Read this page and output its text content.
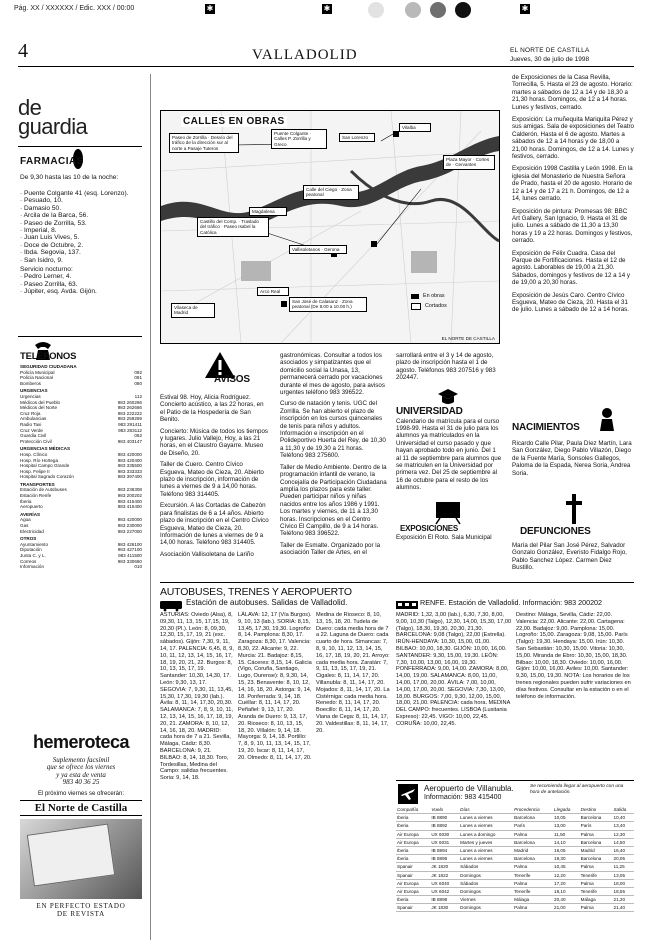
Pág. XX / XXXXXX / Edic. XXX / 00:00	✱	✱	✱
4	VALLADOLID	EL NORTE DE CASTILLA
Jueves, 30 de julio de 1998
de
guardia
FARMACIAS
De 9,30 hasta las 10 de la noche:
· Puente Colgante 41 (esq. Lorenzo).
· Pesuado, 10.
· Damasio 50.
· Arcila de la Barca, 56.
· Paseo de Zorrilla, 53.
· Imperial, 8.
· Juan Luis Vives, 5.
· Doce de Octubre, 2.
· Ibda. Segovia, 137.
· San Isidro, 9.
Servicio nocturno:
· Pedro Lerner, 4.
· Paseo Zorrilla, 63.
· Júpiter, esq. Avda. Gijón.
TELÉFONOS
SEGURIDAD CIUDADANA
Policía Municipal	092
Policía Nacional	091
Bomberos	080
URGENCIAS
Urgencias	112
Médicos del Pueblo	983 260266
Médicos del Norte	983 262666
Cruz Roja	983 222222
Ambulancias	983 259259
Radio Taxi	983 291411
Cruz Verde	983 283112
Guardia Civil	062
Protección Civil	983 403147
URGENCIAS MÉDICAS
Hosp. Clínico	983 420000
Hosp. Río Hortega	983 420400
Hospital Campo Grande	983 335500
Hosp. Felipe II	983 333333
Hospital Sagrado Corazón	983 397400
TRANSPORTES
Estación de Autobuses	983 236308
Estación Renfe	983 200202
Iberia	983 415400
Aeropuerto	983 415400
AVERÍAS
Agua	983 420000
Gas	983 230000
Electricidad	983 227000
OTROS
Ayuntamiento	983 426100
Diputación	983 427100
Junta C. y L.	983 411500
Correos	983 330660
Información	010
hemeroteca
Suplemento facsímil
que se ofrece los viernes
y ya esta de venta
983 40 36 25
El próximo viernes se ofrecerán:
El Norte de Castilla
EN PERFECTO ESTADO
DE REVISTA
CALLES EN OBRAS
Paseo de Zorrilla · Desvío del tráfico de la dirección sur al norte a Pasaje Tuteros
Puente Colgante · Calles P. Zorrilla y Greco
San Lorenzo
Plaza Mayor · Cortes de · Cervantes
Castillo del Comp. · Traslado del tráfico · Paseo Isabel la Católica
Magdalena
Calle del Ciego · Zona peatonal
Vallisoletanos · Gerona
Arco Real
San José de Calasanz · Zona peatonal (De 8.00 a 10.00 h.)
Vilalba
Vilaseca de Madrid
En obras
Cortados
EL NORTE DE CASTILLA
de Exposiciones de la Casa Revilla, Torrecilla, 5. Hasta el 23 de agosto. Horario: martes a sábados de 12 a 14 y de 18,30 a 21,30 horas. Domingos, de 12 a 14 horas. Lunes y festivos, cerrado.
Exposición: La muñequita Mariquita Pérez y sus amigas. Sala de exposiciones del Teatro Calderón. Hasta el 6 de agosto. Martes a sábados de 12 a 14 horas y de 18,00 a 21,00 horas. Domingos, de 12 a 14. Lunes y festivos, cerrado.
Exposición 1998 Castilla y León 1998. En la iglesia del Monasterio de Nuestra Señora de Prado, hasta el 20 de agosto. Horario de 12 a 14 y de 17 a 21 h. Domingos, de 12 a 14, lunes cerrado.
Exposición de pintura: Promesas 98: BBC Art Gallery, San Ignacio, 9. Hasta el 31 de julio. Lunes a sábado de 11,30 a 13,30 horas y 19 a 22 horas. Domingos y festivos, cerrado.
Exposición de Félix Cuadra. Casa del Parque de Fortificaciones. Hasta el 12 de agosto. Laborables de 19,00 a 21,30. Sábados, domingos y festivos de 12 a 14 y de 19,00 a 20,30 horas.
Exposición de Jesús Caro. Centro Cívico Esgueva, Mateo de Cieza, 20. Hasta el 31 de julio. Lunes a sábado de 12 a 14 horas.
AVISOS
Estival 98. Hoy, Alicia Rodríguez. Concierto acústico, a las 22 horas, en el Patio de la Hospedería de San Benito.
Concierto: Música de todos los tiempos y lugares. Julio Vallejo, Hoy, a las 21 horas, en el Claustro Gayarre. Museo de Diseño, 20.
Taller de Cuero. Centro Cívico Esgueva, Mateo de Cieza, 20. Abierto plazo de inscripción, información de lunes a viernes de 9 a 14,00 horas. Teléfono 983 314405.
Excursión. A las Cortadas de Cabezón para finalistas de 6 a 14 años. Abierto plazo de inscripción en el Centro Cívico Esgueva, Mateo de Cieza, 20. Información de lunes a viernes de 9 a 14,00 horas. Teléfono 983 314405.
Asociación Vallisoletana de Lariño
gastronómicas. Consultar a todos los asociados y simpatizantes que el domicilio social la Unasa, 13, permanecerá cerrado por vacaciones durante el mes de agosto, para avisos urgentes teléfono 983 396522.
Curso de natación y tenis. UGC del Zorrilla. Se han abierto el plazo de inscripción en los cursos quincenales de tenis para niños y adultos. Información e inscripción en el Polideportivo Huerta del Rey, de 10,30 a 11,30 y de 19,30 a 21 horas. Teléfono 983 275600.
Taller de Medio Ambiente. Dentro de la programación infantil de verano, la Concejalía de Participación Ciudadana amplía los plazos para este taller. Pueden participar niños y niñas nacidos entre los años 1986 y 1991. Los martes y viernes, de 11 a 13,30 horas. Inscripciones en el Centro Cívico El Campillo, de 9 a 14 horas. Teléfono 983 396522.
Taller de Esmalte. Organizado por la asociación Taller de Artes, en el
sarrollará entre el 3 y 14 de agosto, plazo de inscripción hasta el 1 de agosto. Teléfonos 983 207516 y 983 202447.
UNIVERSIDAD
Calendario de matrícula para el curso 1998-99. Hasta el 31 de julio para los alumnos ya matriculados en la Universidad el curso pasado y que hayan aprobado todo en junio. Del 1 al 11 de septiembre para alumnos que se matriculen en la Universidad por primera vez. Del 25 de septiembre al 16 de octubre para el resto de los alumnos.
EXPOSICIONES
Exposición El Roto. Sala Municipal
NACIMIENTOS
Ricardo Calle Pilar, Paula Díez Martín, Lara San González, Diego Pablo Villazón, Diego de la Fuente María, Sonsoles Gallegos, Paloma de la Espada, Nerea Soria, Andrea Soria.
DEFUNCIONES
María del Pilar San José Pérez, Salvador Gonzalo González, Everisto Fidalgo Rojo, Pablo Sanchez López. Carmen Diez Bustillo.
AUTOBUSES, TRENES Y AEROPUERTO
Estación de autobuses. Salidas de Valladolid.
ASTURIAS: Oviedo (Alsa), 8, 09,30, 11, 13, 15, 17,15, 19, 20,30 (Pl.). León: 8, 09,30, 12,30, 15, 17, 19, 21 (exc. sábados). Gijón: 7,30, 9, 11, 14, 17. PALENCIA: 6,45, 8, 9, 10, 11, 12, 13, 14, 15, 16, 17, 18, 19, 20, 21, 22. Burgos: 8, 10, 13, 15, 17, 19. Santander: 10,30, 14,30, 17. León: 9,30, 13, 17. SEGOVIA: 7, 9,30, 11, 13,45, 15,30, 17,30, 19,30 (lab.). Ávila: 8, 11, 14, 17,30, 20,30. SALAMANCA: 7, 8, 9, 10, 11, 12, 13, 14, 15, 16, 17, 18, 19, 20, 21. ZAMORA: 8, 10, 12, 14, 16, 18, 20. MADRID: cada hora de 7 a 21. Sevilla, Málaga, Cádiz: 8,30. BARCELONA: 9, 21. BILBAO: 8, 14, 18,30. Toro, Tordesillas, Medina del Campo: salidas frecuentes. Soria: 9, 14, 18.
LÁLAVA: 12, 17 (Vía Burgos). 9, 10, 13 (lab.). SORIA: 8,15, 13,45, 17,30, 19,30. Logroño: 8, 14. Pamplona: 8,30, 17. Zaragoza: 8,30, 17. Valencia: 8,30, 22. Alicante: 9, 22. Murcia: 21. Badajoz: 8,15, 15. Cáceres: 8,15, 14. Galicia (Vigo, Coruña, Santiago, Lugo, Ourense): 8, 9,30, 14, 15, 23. Benavente: 8, 10, 12, 14, 16, 18, 20. Astorga: 9, 14, 18. Ponferrada: 9, 14, 18. Cuéllar: 8, 11, 14, 17, 20. Peñafiel: 9, 13, 17, 20. Aranda de Duero: 9, 13, 17, 20. Rioseco: 8, 10, 13, 15, 18, 20. Villalón: 9, 14, 18. Mayorga: 9, 14, 18. Portillo: 7, 8, 9, 10, 11, 13, 14, 15, 17, 19, 20. Íscar: 8, 11, 14, 17, 20. Olmedo: 8, 11, 14, 17, 20.
Medina de Rioseco: 8, 10, 13, 15, 18, 20. Tudela de Duero: cada media hora de 7 a 22. Laguna de Duero: cada cuarto de hora. Simancas: 7, 8, 9, 10, 11, 12, 13, 14, 15, 16, 17, 18, 19, 20, 21. Arroyo: cada media hora. Zaratán: 7, 9, 11, 13, 15, 17, 19, 21. Cigales: 8, 11, 14, 17, 20. Villanubla: 8, 11, 14, 17, 20. Mojados: 8, 11, 14, 17, 20. La Cistérniga: cada media hora. Renedo: 8, 11, 14, 17, 20. Boecillo: 8, 11, 14, 17, 20. Viana de Cega: 8, 11, 14, 17, 20. Valdestillas: 8, 11, 14, 17, 20.
RENFE. Estación de Valladolid. Información: 983 200202
MADRID: 1,32, 3,00 (lab.), 6,30, 7,30, 8,00, 9,00, 10,30 (Talgo), 12,30, 14,00, 15,30, 17,00 (Talgo), 18,30, 19,30, 20,30, 21,30. BARCELONA: 9,08 (Talgo), 22,00 (Estrella). IRÚN-HENDAYA: 10,30, 15,00, 01,00. BILBAO: 10,00, 18,30. GIJÓN: 10,00, 16,00. SANTANDER: 9,30, 15,00, 19,30. LEÓN: 7,30, 10,00, 13,00, 16,00, 19,30. PONFERRADA: 9,00, 14,00. ZAMORA: 8,00, 14,00, 19,00. SALAMANCA: 8,00, 11,00, 14,00, 17,00, 20,00. ÁVILA: 7,00, 10,00, 14,00, 17,00, 20,00. SEGOVIA: 7,30, 13,00, 18,00. BURGOS: 7,00, 9,30, 12,00, 15,00, 18,00, 21,00. PALENCIA: cada hora. MEDINA DEL CAMPO: frecuentes. LISBOA (Lusitania Expreso): 22,45. VIGO: 10,00, 22,45. CORUÑA: 10,00, 22,45.
Destino: Málaga, Sevilla, Cádiz: 22,00. Valencia: 22,00. Alicante: 22,00. Cartagena: 22,00. Badajoz: 9,00. Pamplona: 15,00. Logroño: 15,00. Zaragoza: 9,08, 15,00. París (Talgo): 19,30. Hendaya: 15,00. Irún: 10,30. San Sebastián: 10,30, 15,00. Vitoria: 10,30, 15,00. Miranda de Ebro: 10,30, 15,00, 18,30. Bilbao: 10,00, 18,30. Oviedo: 10,00, 16,00. Gijón: 10,00, 16,00. Aviles: 10,00. Santander: 9,30, 15,00, 19,30. NOTA: Los horarios de los trenes regionales pueden sufrir variaciones en días festivos. Consultar en la estación o en el teléfono de información.
Aeropuerto de Villanubla.
Información: 983 415400
Se recomienda llegar al aeropuerto con una hora de antelación.
Compañía	Vuelo	Días	Procedencia	Llegada	Destino	Salida
Iberia	IB 8890	Lunes a viernes	Barcelona	10,05	Barcelona	10,40
Iberia	IB 8892	Lunes a viernes	París	13,00	París	13,40
Air Europa	UX 6030	Lunes a domingo	Palma	11,50	Palma	12,30
Air Europa	UX 6031	Martes y jueves	Barcelona	14,10	Barcelona	14,50
Iberia	IB 8894	Lunes a viernes	Madrid	16,05	Madrid	16,40
Iberia	IB 8896	Lunes a viernes	Barcelona	19,30	Barcelona	20,05
Spanair	JK 1820	Sábados	Palma	10,45	Palma	11,25
Spanair	JK 1822	Domingos	Tenerife	12,20	Tenerife	13,05
Air Europa	UX 6040	Sábados	Palma	17,20	Palma	18,00
Air Europa	UX 6042	Domingos	Tenerife	18,10	Tenerife	18,55
Iberia	IB 8898	Viernes	Málaga	20,40	Málaga	21,20
Spanair	JK 1830	Domingos	Palma	21,00	Palma	21,40
